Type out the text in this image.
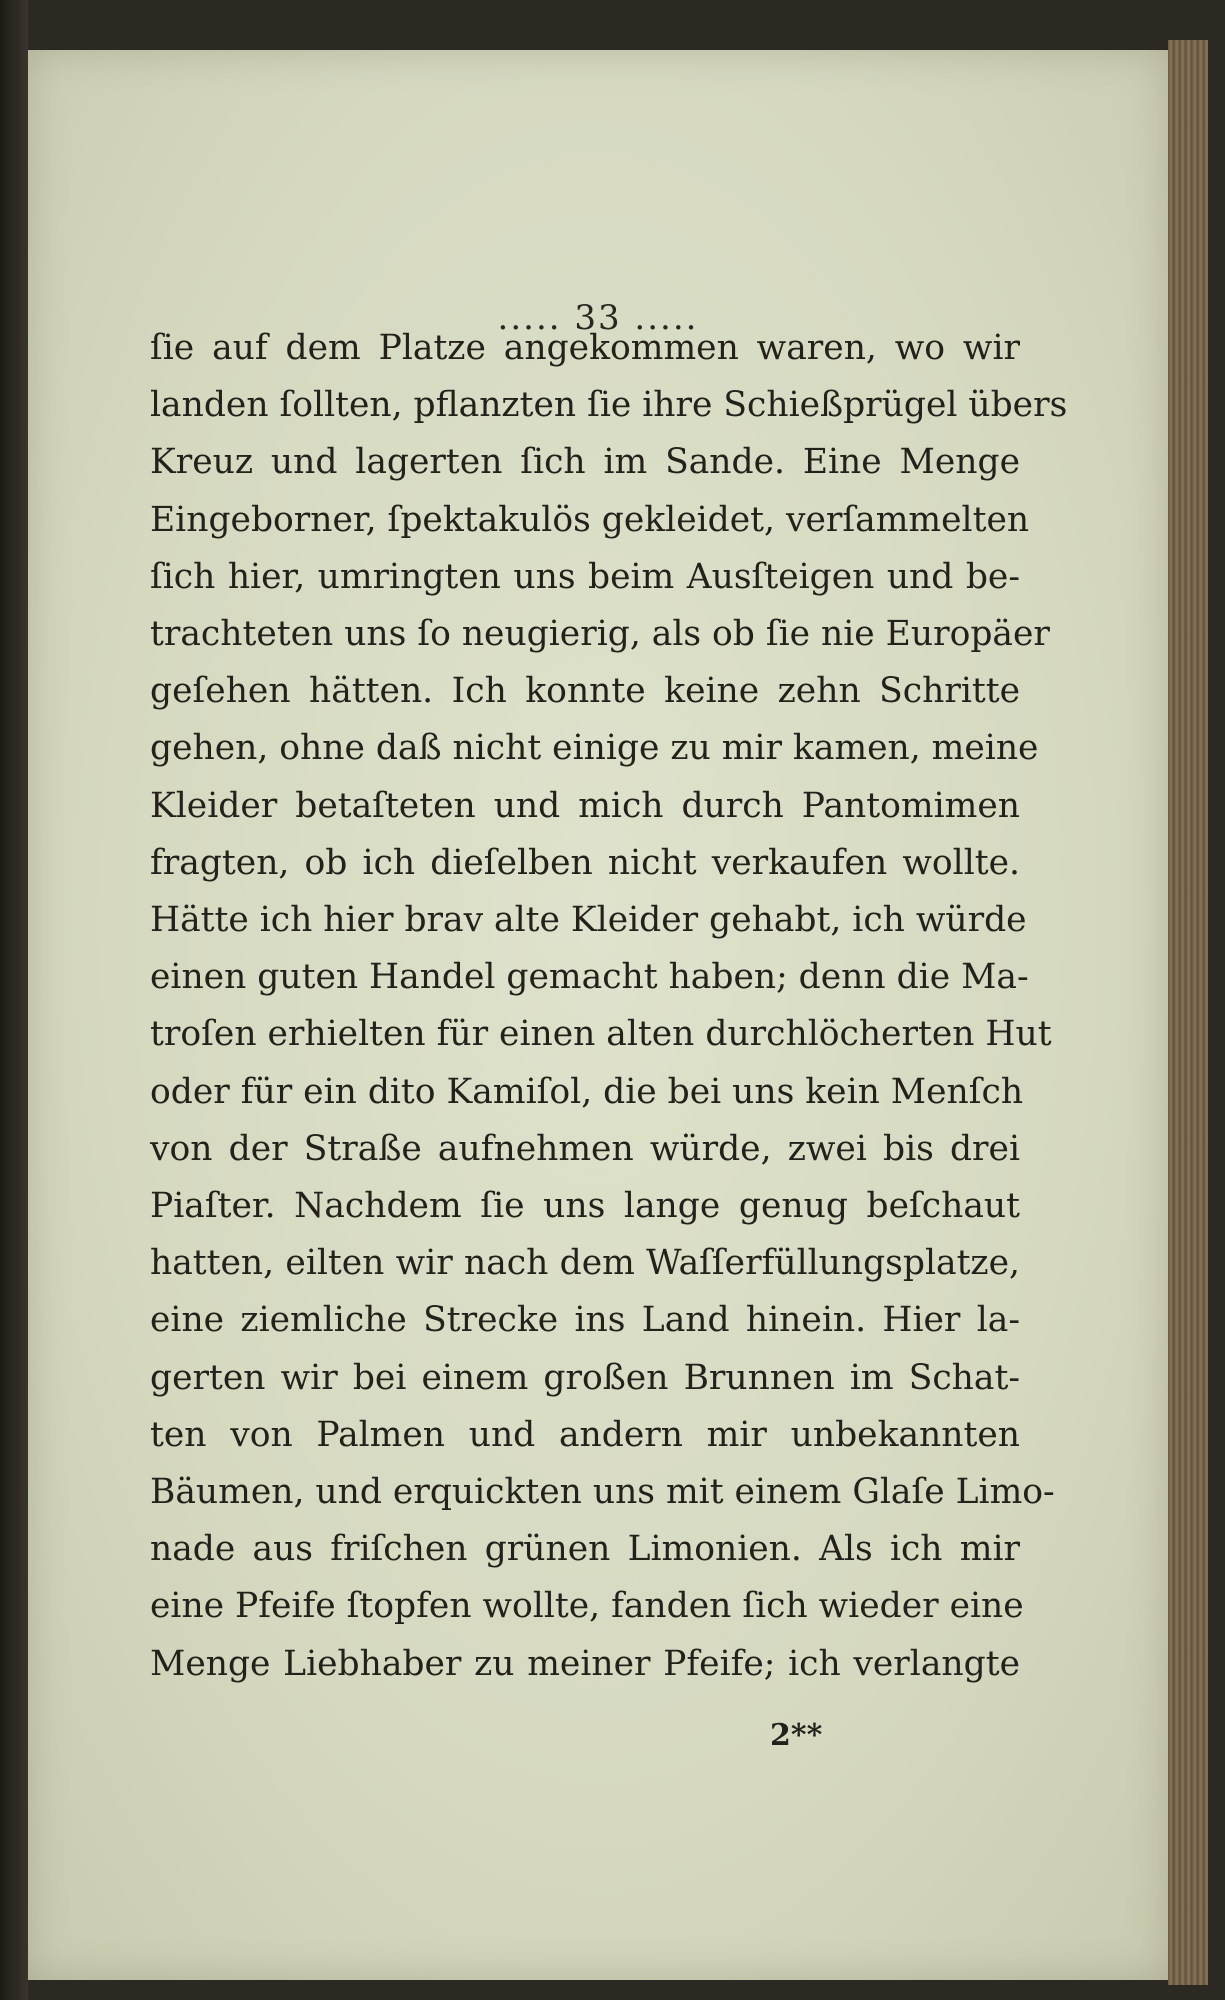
..... 33 .....
ſie auf dem Platze angekommen waren, wo wir
landen ſollten, pflanzten ſie ihre Schießprügel übers
Kreuz und lagerten ſich im Sande. Eine Menge
Eingeborner, ſpektakulös gekleidet, verſammelten
ſich hier, umringten uns beim Ausſteigen und be-
trachteten uns ſo neugierig, als ob ſie nie Europäer
geſehen hätten. Ich konnte keine zehn Schritte
gehen, ohne daß nicht einige zu mir kamen, meine
Kleider betaſteten und mich durch Pantomimen
fragten, ob ich dieſelben nicht verkaufen wollte.
Hätte ich hier brav alte Kleider gehabt, ich würde
einen guten Handel gemacht haben; denn die Ma-
troſen erhielten für einen alten durchlöcherten Hut
oder für ein dito Kamiſol, die bei uns kein Menſch
von der Straße aufnehmen würde, zwei bis drei
Piaſter. Nachdem ſie uns lange genug beſchaut
hatten, eilten wir nach dem Waſſerfüllungsplatze,
eine ziemliche Strecke ins Land hinein. Hier la-
gerten wir bei einem großen Brunnen im Schat-
ten von Palmen und andern mir unbekannten
Bäumen, und erquickten uns mit einem Glaſe Limo-
nade aus friſchen grünen Limonien. Als ich mir
eine Pfeife ſtopfen wollte, fanden ſich wieder eine
Menge Liebhaber zu meiner Pfeife; ich verlangte
2**
